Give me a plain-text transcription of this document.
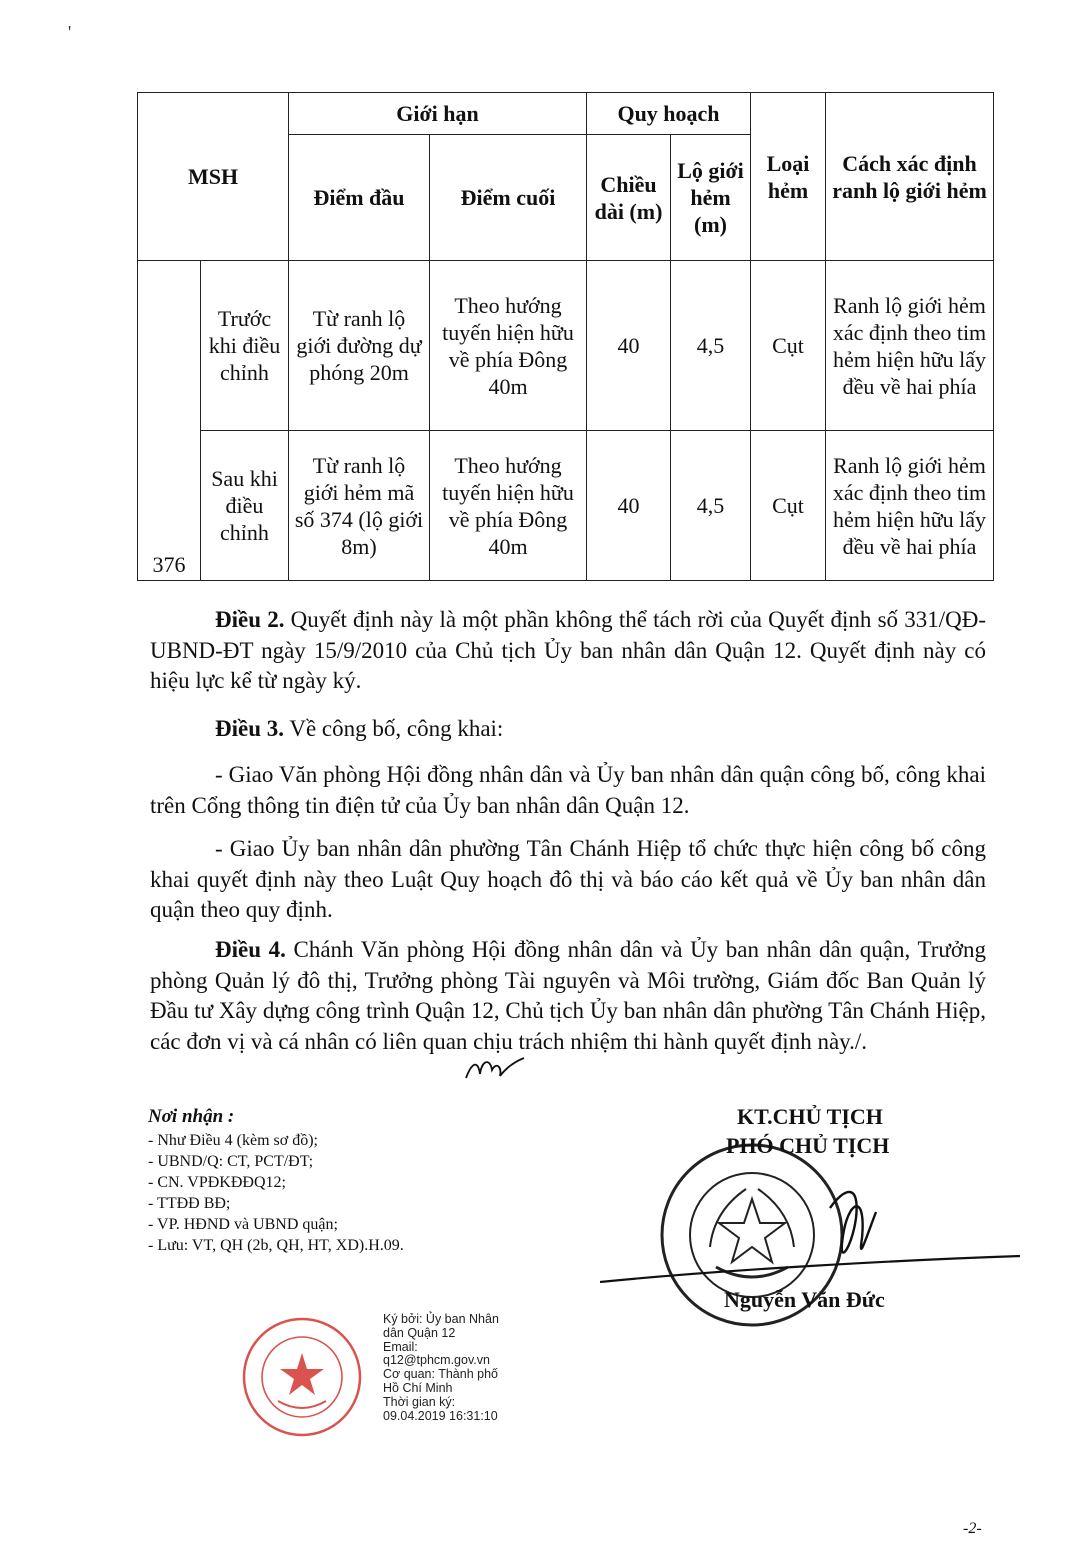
'
MSH		Giới hạn		Quy hoạch		Loại hẻm	Cách xác định ranh lộ giới hẻm
		Điểm đầu	Điểm cuối	Chiều dài (m)	Lộ giới hẻm (m)		
376	Trước khi điều chỉnh	Từ ranh lộ giới đường dự phóng 20m	Theo hướng tuyến hiện hữu về phía Đông 40m	40	4,5	Cụt	Ranh lộ giới hẻm xác định theo tim hẻm hiện hữu lấy đều về hai phía
	Sau khi điều chỉnh	Từ ranh lộ giới hẻm mã số 374 (lộ giới 8m)	Theo hướng tuyến hiện hữu về phía Đông 40m	40	4,5	Cụt	Ranh lộ giới hẻm xác định theo tim hẻm hiện hữu lấy đều về hai phía

Điều 2. Quyết định này là một phần không thể tách rời của Quyết định số 331/QĐ-UBND-ĐT ngày 15/9/2010 của Chủ tịch Ủy ban nhân dân Quận 12. Quyết định này có hiệu lực kể từ ngày ký.

Điều 3. Về công bố, công khai:

- Giao Văn phòng Hội đồng nhân dân và Ủy ban nhân dân quận công bố, công khai trên Cổng thông tin điện tử của Ủy ban nhân dân Quận 12.

- Giao Ủy ban nhân dân phường Tân Chánh Hiệp tổ chức thực hiện công bố công khai quyết định này theo Luật Quy hoạch đô thị và báo cáo kết quả về Ủy ban nhân dân quận theo quy định.

Điều 4. Chánh Văn phòng Hội đồng nhân dân và Ủy ban nhân dân quận, Trưởng phòng Quản lý đô thị, Trưởng phòng Tài nguyên và Môi trường, Giám đốc Ban Quản lý Đầu tư Xây dựng công trình Quận 12, Chủ tịch Ủy ban nhân dân phường Tân Chánh Hiệp, các đơn vị và cá nhân có liên quan chịu trách nhiệm thi hành quyết định này./.

Nơi nhận :
- Như Điều 4 (kèm sơ đồ);
- UBND/Q: CT, PCT/ĐT;
- CN. VPĐKĐĐQ12;
- TTĐĐ BĐ;
- VP. HĐND và UBND quận;
- Lưu: VT, QH (2b, QH, HT, XD).H.09.
KT.CHỦ TỊCH
PHÓ CHỦ TỊCH
Nguyễn Văn Đức
Ký bởi: Ủy ban Nhân
dân Quận 12
Email:
q12@tphcm.gov.vn
Cơ quan: Thành phố
Hồ Chí Minh
Thời gian ký:
09.04.2019 16:31:10
-2-
